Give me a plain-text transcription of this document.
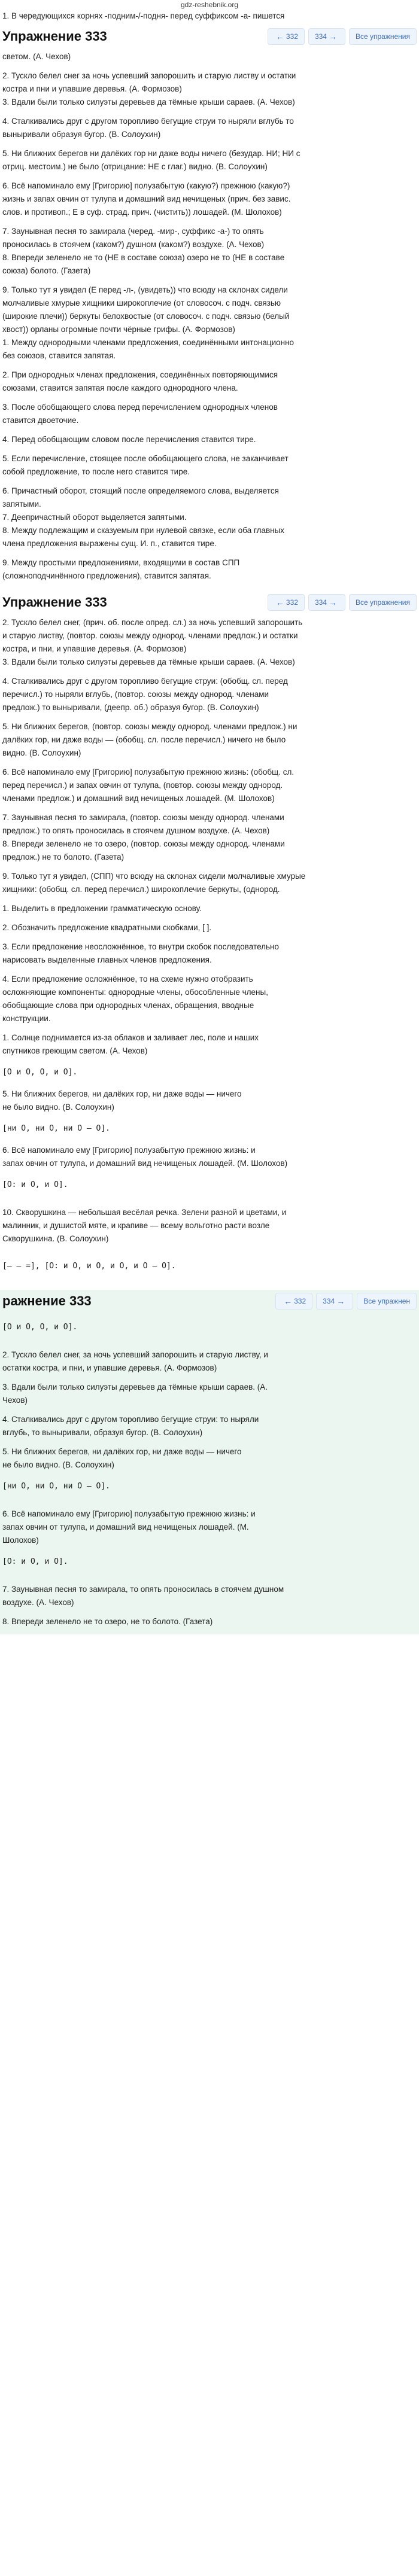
gdz-reshebnik.org

1. В чередующихся корнях -подним-/-подня- перед суффиксом -а- пишется

Упражнение 333	← 332 334 →	Все упражнения

светом. (А. Чехов)

2. Тускло белел снег за ночь успевший запорошить и старую листву и остатки

костра и пни и упавшие деревья. (А. Формозов)

3. Вдали были только силуэты деревьев да тёмные крыши сараев. (А. Чехов)

4. Сталкивались друг с другом торопливо бегущие струи то ныряли вглубь то

выныривали образуя бугор. (В. Солоухин)

5. Ни ближних берегов ни далёких гор ни даже воды ничего (безудар. НИ; НИ с

отриц. местоим.) не было (отрицание: НЕ с глаг.) видно. (В. Солоухин)

6. Всё напоминало ему [Григорию] полузабытую (какую?) прежнюю (какую?)

жизнь и запах овчин от тулупа и домашний вид нечищеных (прич. без завис.

слов. и противоп.; Е в суф. страд. прич. (чистить)) лошадей. (М. Шолохов)

7. Заунывная песня то замирала (черед. -мир-, суффикс -а-) то опять

проносилась в стоячем (каком?) душном (каком?) воздухе. (А. Чехов)

8. Впереди зеленело не то (НЕ в составе союза) озеро не то (НЕ в составе

союза) болото. (Газета)

9. Только тут я увидел (Е перед -л-, (увидеть)) что всюду на склонах сидели

молчаливые хмурые хищники широкоплечие (от словосоч. с подч. связью

(широкие плечи)) беркуты белохвостые (от словосоч. с подч. связью (белый

хвост)) орланы огромные почти чёрные грифы. (А. Формозов)

1. Между однородными членами предложения, соединёнными интонационно

без союзов, ставится запятая.

2. При однородных членах предложения, соединённых повторяющимися

союзами, ставится запятая после каждого однородного члена.

3. После обобщающего слова перед перечислением однородных членов

ставится двоеточие.

4. Перед обобщающим словом после перечисления ставится тире.

5. Если перечисление, стоящее после обобщающего слова, не заканчивает

собой предложение, то после него ставится тире.

6. Причастный оборот, стоящий после определяемого слова, выделяется

запятыми.

7. Деепричастный оборот выделяется запятыми.

8. Между подлежащим и сказуемым при нулевой связке, если оба главных

члена предложения выражены сущ. И. п., ставится тире.

9. Между простыми предложениями, входящими в состав СПП

(сложноподчинённого предложения), ставится запятая.

Упражнение 333	← 332 334 →	Все упражнения

2. Тускло белел снег, (прич. об. после опред. сл.) за ночь успевший запорошить

и старую листву, (повтор. союзы между однород. членами предлож.) и остатки

костра, и пни, и упавшие деревья. (А. Формозов)

3. Вдали были только силуэты деревьев да тёмные крыши сараев. (А. Чехов)

4. Сталкивались друг с другом торопливо бегущие струи: (обобщ. сл. перед

перечисл.) то ныряли вглубь, (повтор. союзы между однород. членами

предлож.) то выныривали, (деепр. об.) образуя бугор. (В. Солоухин)

5. Ни ближних берегов, (повтор. союзы между однород. членами предлож.) ни

далёких гор, ни даже воды — (обобщ. сл. после перечисл.) ничего не было

видно. (В. Солоухин)

6. Всё напоминало ему [Григорию] полузабытую прежнюю жизнь: (обобщ. сл.

перед перечисл.) и запах овчин от тулупа, (повтор. союзы между однород.

членами предлож.) и домашний вид нечищеных лошадей. (М. Шолохов)

7. Заунывная песня то замирала, (повтор. союзы между однород. членами

предлож.) то опять проносилась в стоячем душном воздухе. (А. Чехов)

8. Впереди зеленело не то озеро, (повтор. союзы между однород. членами

предлож.) не то болото. (Газета)

9. Только тут я увидел, (СПП) что всюду на склонах сидели молчаливые хмурые

хищники: (обобщ. сл. перед перечисл.) широкоплечие беркуты, (однород.

1. Выделить в предложении грамматическую основу.

2. Обозначить предложение квадратными скобками, [ ].

3. Если предложение неосложнённое, то внутри скобок последовательно

нарисовать выделенные главных членов предложения.

4. Если предложение осложнённое, то на схеме нужно отобразить

осложняющие компоненты: однородные члены, обособленные члены,

обобщающие слова при однородных членах, обращения, вводные

конструкции.

1. Солнце поднимается из-за облаков и заливает лес, поле и наших

спутников греющим светом. (А. Чехов)

[О и О, О, и О].

5. Ни ближних берегов, ни далёких гор, ни даже воды — ничего

не было видно. (В. Солоухин)

[ни О, ни О, ни О — О].

6. Всё напоминало ему [Григорию] полузабытую прежнюю жизнь: и

запах овчин от тулупа, и домашний вид нечищеных лошадей. (М. Шолохов)

[О: и О, и О].

10. Скворушкина — небольшая весёлая речка. Зелени разной и цветами, и

малинник, и душистой мяте, и крапиве — всему вольготно расти возле

Скворушкина. (В. Солоухин)

[— — =], [О: и О, и О, и О, и О — О].

ражнение 333	← 332 334 →	Все упражнен

[О и О, О, и О].

2. Тускло белел снег, за ночь успевший запорошить и старую листву, и

остатки костра, и пни, и упавшие деревья. (А. Формозов)

3. Вдали были только силуэты деревьев да тёмные крыши сараев. (А.

Чехов)

4. Сталкивались друг с другом торопливо бегущие струи: то ныряли

вглубь, то выныривали, образуя бугор. (В. Солоухин)

5. Ни ближних берегов, ни далёких гор, ни даже воды — ничего

не было видно. (В. Солоухин)

[ни О, ни О, ни О — О].

6. Всё напоминало ему [Григорию] полузабытую прежнюю жизнь: и

запах овчин от тулупа, и домашний вид нечищеных лошадей. (М.

Шолохов)

[О: и О, и О].

7. Заунывная песня то замирала, то опять проносилась в стоячем душном

воздухе. (А. Чехов)

8. Впереди зеленело не то озеро, не то болото. (Газета)
